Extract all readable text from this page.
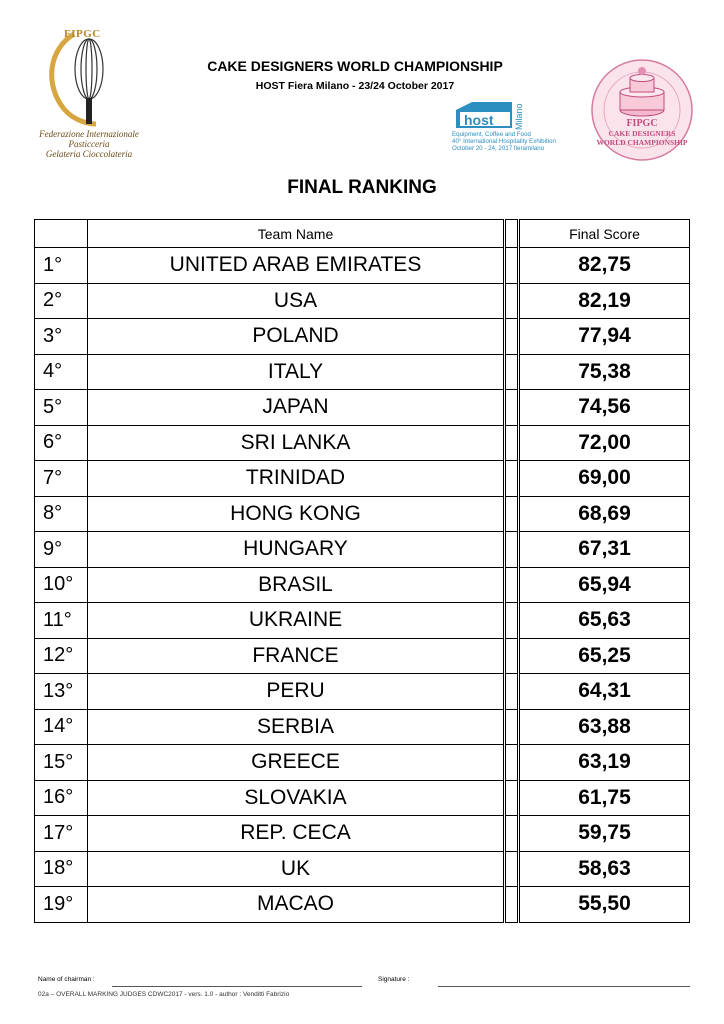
FIPGC
Federazione Internazionale
Pasticceria
Gelateria Cioccolateria
CAKE DESIGNERS WORLD CHAMPIONSHIP
HOST Fiera Milano - 23/24 October 2017
host Milano
Equipment, Coffee and Food
40° International Hospitality Exhibition
October 20 - 24, 2017 fieramilano
FIPGC
CAKE DESIGNERS
WORLD CHAMPIONSHIP
FINAL RANKING
	Team Name		Final Score
1°	UNITED ARAB EMIRATES		82,75
2°	USA		82,19
3°	POLAND		77,94
4°	ITALY		75,38
5°	JAPAN		74,56
6°	SRI LANKA		72,00
7°	TRINIDAD		69,00
8°	HONG KONG		68,69
9°	HUNGARY		67,31
10°	BRASIL		65,94
11°	UKRAINE		65,63
12°	FRANCE		65,25
13°	PERU		64,31
14°	SERBIA		63,88
15°	GREECE		63,19
16°	SLOVAKIA		61,75
17°	REP. CECA		59,75
18°	UK		58,63
19°	MACAO		55,50
Name of chairman :	Signature :
02a – OVERALL MARKING JUDGES CDWC2017 - vers. 1.0 - author : Venditti Fabrizio
